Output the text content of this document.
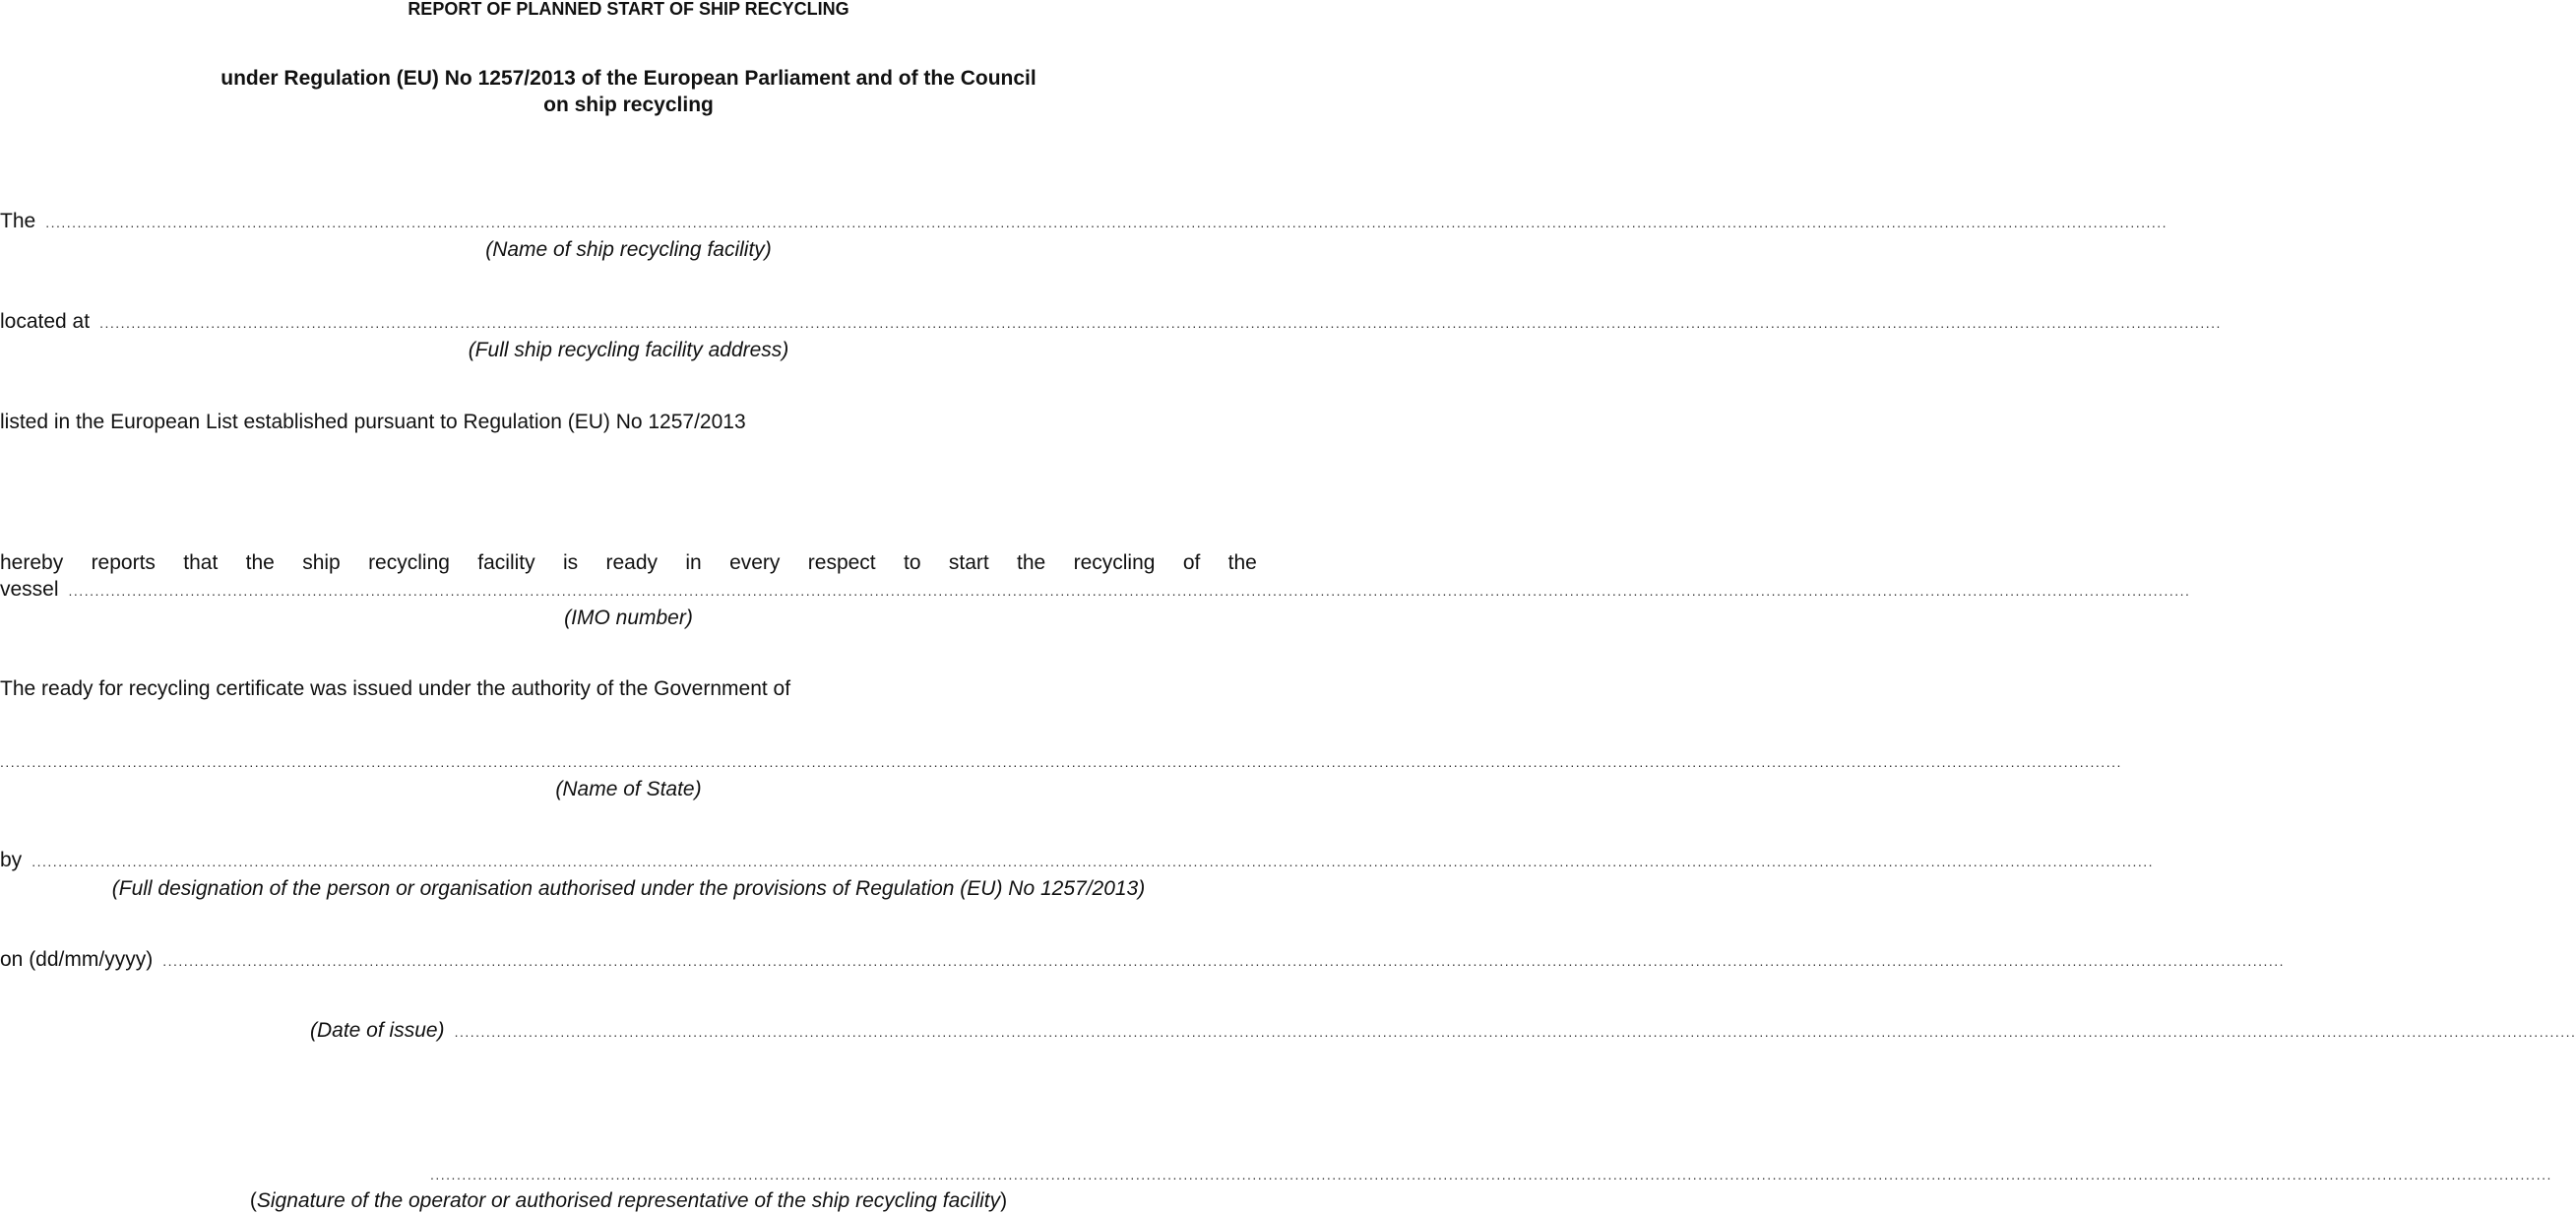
REPORT OF PLANNED START OF SHIP RECYCLING
under Regulation (EU) No 1257/2013 of the European Parliament and of the Council
on ship recycling
The ................................................................................................................................................................................................................................................................................................................................................................................................................
(Name of ship recycling facility)
located at ................................................................................................................................................................................................................................................................................................................................................................................................................
(Full ship recycling facility address)
listed in the European List established pursuant to Regulation (EU) No 1257/2013
hereby reports that the ship recycling facility is ready in every respect to start the recycling of the
vessel ................................................................................................................................................................................................................................................................................................................................................................................................................
(IMO number)
The ready for recycling certificate was issued under the authority of the Government of
................................................................................................................................................................................................................................................................................................................................................................................................................
(Name of State)
by ................................................................................................................................................................................................................................................................................................................................................................................................................
(Full designation of the person or organisation authorised under the provisions of Regulation (EU) No 1257/2013)
on (dd/mm/yyyy) ................................................................................................................................................................................................................................................................................................................................................................................................................
(Date of issue) ................................................................................................................................................................................................................................................................................................................................................................................................................
................................................................................................................................................................................................................................................................................................................................................................................................................
(Signature of the operator or authorised representative of the ship recycling facility)
